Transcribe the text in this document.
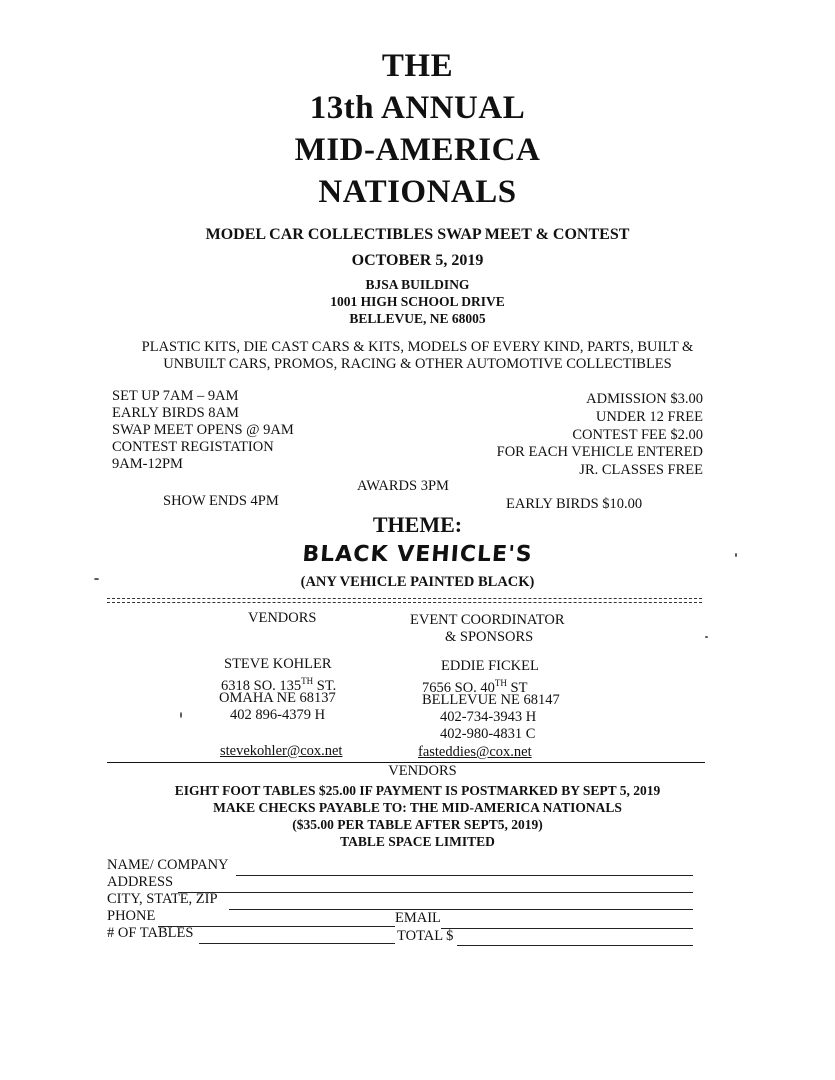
THE
13th ANNUAL
MID-AMERICA
NATIONALS
MODEL CAR COLLECTIBLES SWAP MEET & CONTEST
OCTOBER 5, 2019
BJSA BUILDING
1001 HIGH SCHOOL DRIVE
BELLEVUE, NE 68005
PLASTIC KITS, DIE CAST CARS & KITS, MODELS OF EVERY KIND, PARTS, BUILT &
UNBUILT CARS, PROMOS, RACING & OTHER AUTOMOTIVE COLLECTIBLES
SET UP 7AM – 9AM
EARLY BIRDS 8AM
SWAP MEET OPENS @ 9AM
CONTEST REGISTATION
9AM-12PM
AWARDS 3PM
SHOW ENDS 4PM
ADMISSION $3.00
UNDER 12 FREE
CONTEST FEE $2.00
FOR EACH VEHICLE ENTERED
JR. CLASSES FREE
EARLY BIRDS $10.00
THEME:
BLACK VEHICLE'S
(ANY VEHICLE PAINTED BLACK)
VENDORS
STEVE KOHLER
6318 SO. 135TH ST.
OMAHA NE 68137
402 896-4379 H
stevekohler@cox.net
EVENT COORDINATOR
& SPONSORS
EDDIE FICKEL
7656 SO. 40TH ST
BELLEVUE NE 68147
402-734-3943 H
402-980-4831 C
fasteddies@cox.net
VENDORS
EIGHT FOOT TABLES $25.00 IF PAYMENT IS POSTMARKED BY SEPT 5, 2019
MAKE CHECKS PAYABLE TO: THE MID-AMERICA NATIONALS
($35.00 PER TABLE AFTER SEPT5, 2019)
TABLE SPACE LIMITED
NAME/ COMPANY
ADDRESS
CITY, STATE, ZIP
PHONE	EMAIL
# OF TABLES	TOTAL $
